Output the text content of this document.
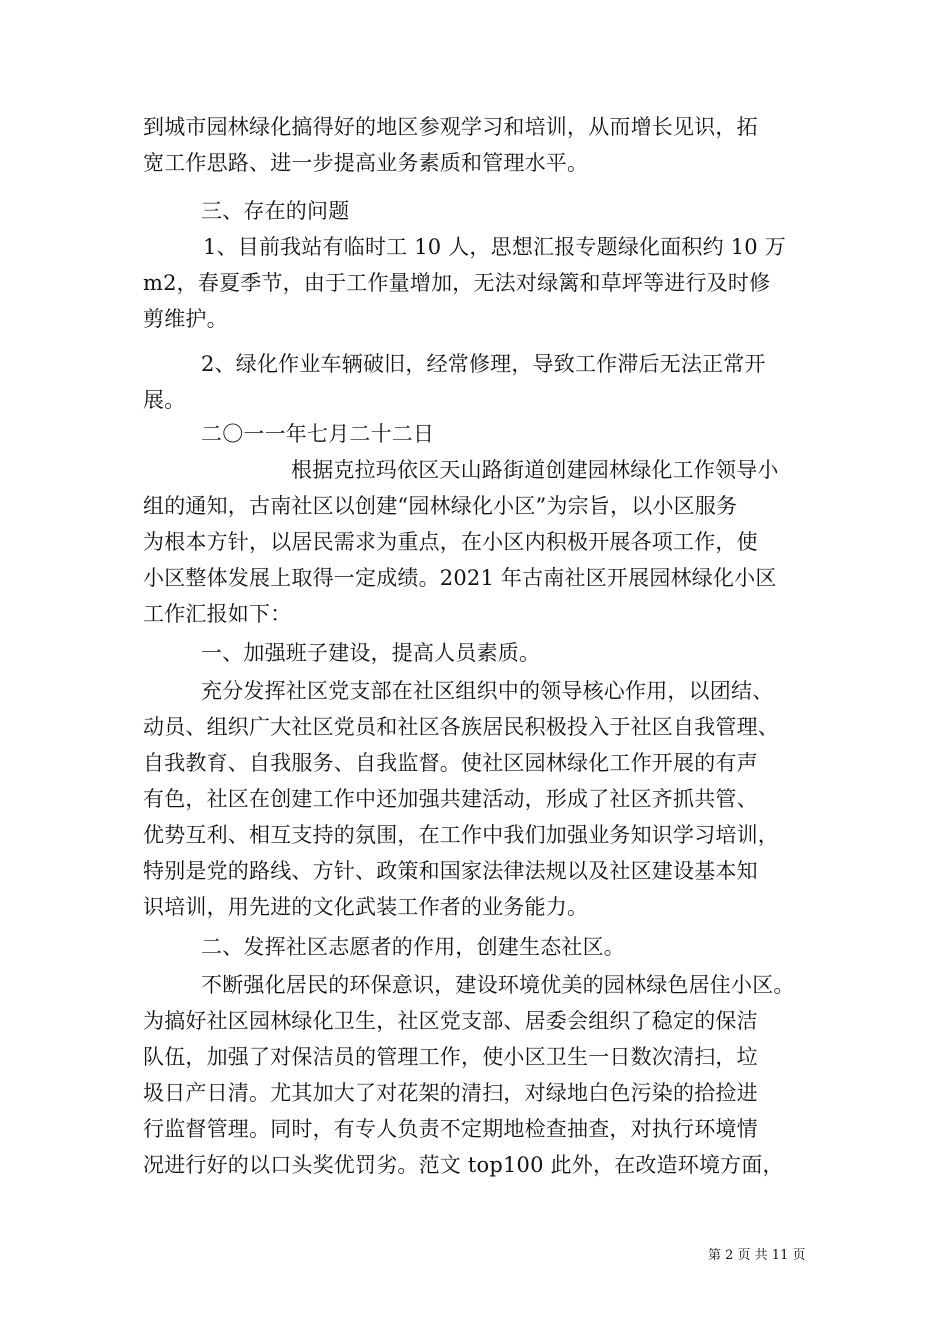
到城市园林绿化搞得好的地区参观学习和培训，从而增长见识，拓
宽工作思路、进一步提高业务素质和管理水平。
三、存在的问题
1、目前我站有临时工 10 人，思想汇报专题绿化面积约 10 万
m2，春夏季节，由于工作量增加，无法对绿篱和草坪等进行及时修
剪维护。
2、绿化作业车辆破旧，经常修理，导致工作滞后无法正常开
展。
二〇一一年七月二十二日
根据克拉玛依区天山路街道创建园林绿化工作领导小
组的通知，古南社区以创建“园林绿化小区”为宗旨，以小区服务
为根本方针，以居民需求为重点，在小区内积极开展各项工作，使
小区整体发展上取得一定成绩。2021 年古南社区开展园林绿化小区
工作汇报如下：
一、加强班子建设，提高人员素质。
充分发挥社区党支部在社区组织中的领导核心作用，以团结、
动员、组织广大社区党员和社区各族居民积极投入于社区自我管理、
自我教育、自我服务、自我监督。使社区园林绿化工作开展的有声
有色，社区在创建工作中还加强共建活动，形成了社区齐抓共管、
优势互利、相互支持的氛围，在工作中我们加强业务知识学习培训，
特别是党的路线、方针、政策和国家法律法规以及社区建设基本知
识培训，用先进的文化武装工作者的业务能力。
二、发挥社区志愿者的作用，创建生态社区。
不断强化居民的环保意识，建设环境优美的园林绿色居住小区。
为搞好社区园林绿化卫生，社区党支部、居委会组织了稳定的保洁
队伍，加强了对保洁员的管理工作，使小区卫生一日数次清扫，垃
圾日产日清。尤其加大了对花架的清扫，对绿地白色污染的拾捡进
行监督管理。同时，有专人负责不定期地检查抽查，对执行环境情
况进行好的以口头奖优罚劣。范文 top100 此外，在改造环境方面，
第 2 页 共 11 页
